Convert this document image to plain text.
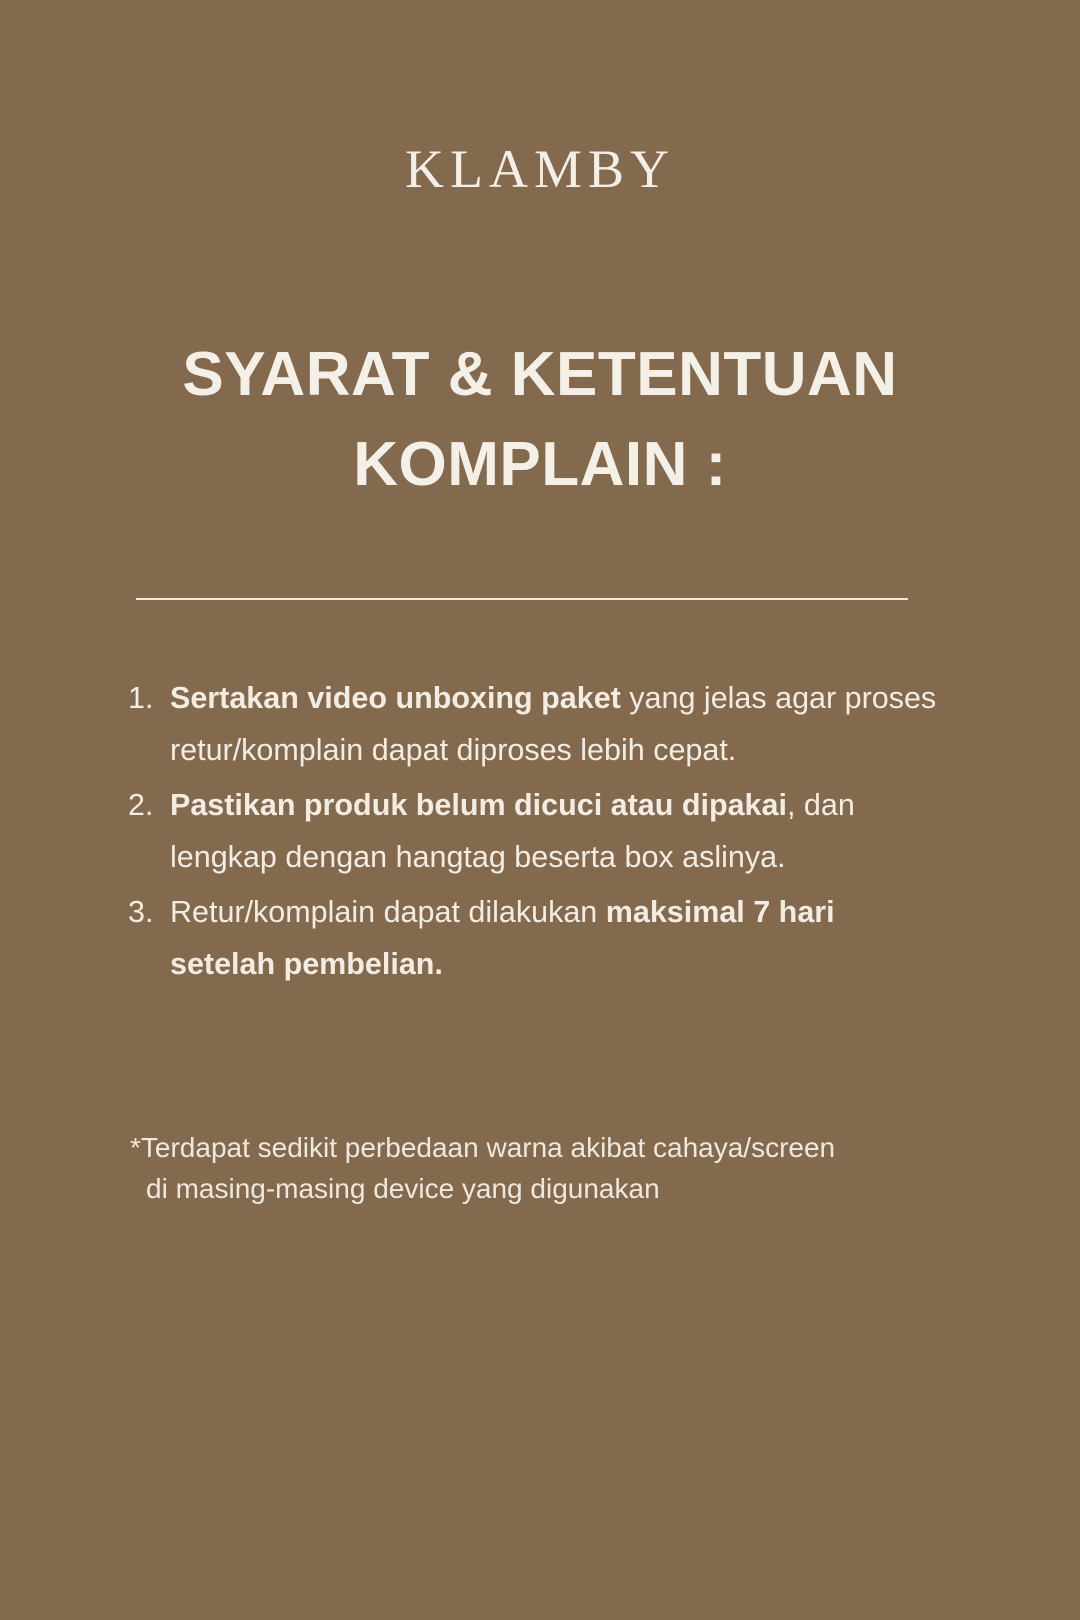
KLAMBY
SYARAT & KETENTUAN
KOMPLAIN :
1. Sertakan video unboxing paket yang jelas agar proses retur/komplain dapat diproses lebih cepat.
2. Pastikan produk belum dicuci atau dipakai, dan lengkap dengan hangtag beserta box aslinya.
3. Retur/komplain dapat dilakukan maksimal 7 hari setelah pembelian.
*Terdapat sedikit perbedaan warna akibat cahaya/screen
di masing-masing device yang digunakan
